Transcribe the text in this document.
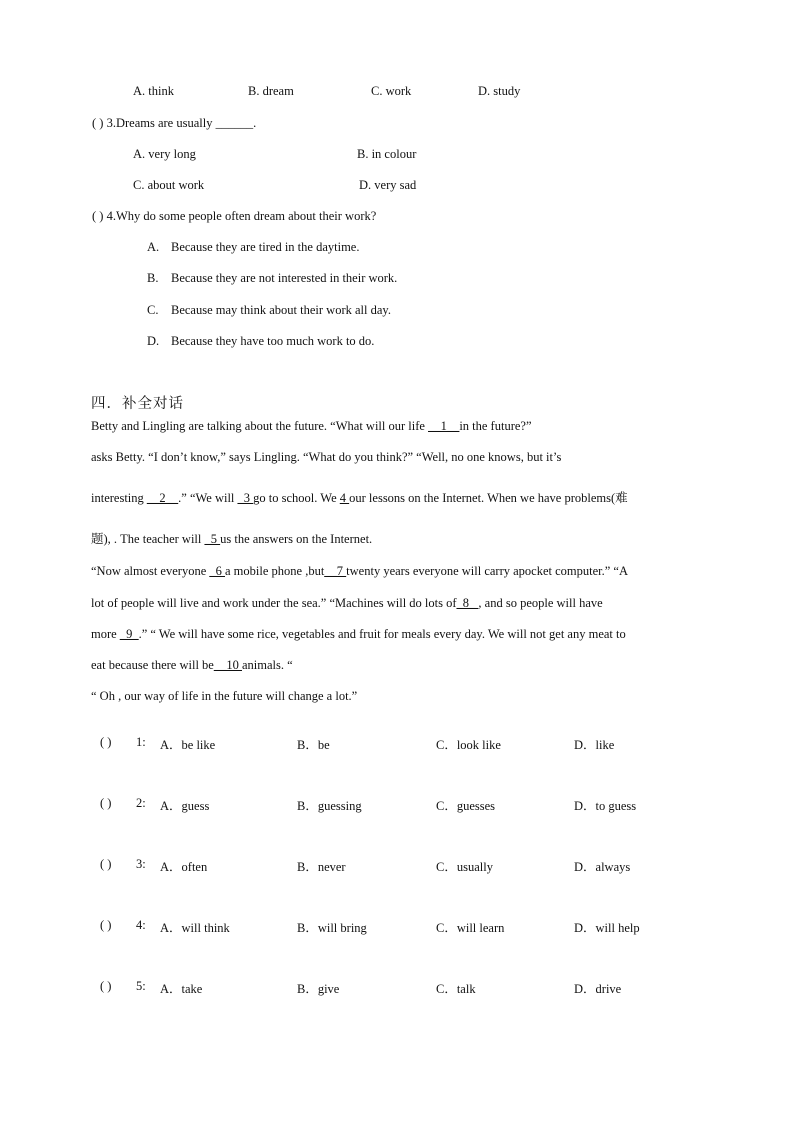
A. think	B. dream	C. work	D. study
( ) 3.Dreams are usually ______.
A. very long	B. in colour
C. about work	D. very sad
( ) 4.Why do some people often dream about their work?
A. Because they are tired in the daytime.
B. Because they are not interested in their work.
C. Because may think about their work all day.
D. Because they have too much work to do.
四．补全对话
Betty and Lingling are talking about the future. “What will our life __1__in the future?”
asks Betty. “I don’t know,” says Lingling. “What do you think?” “Well, no one knows, but it’s
interesting __2__.” “We will _3 go to school. We 4 our lessons on the Internet. When we have problems(难
题), . The teacher will _5 us the answers on the Internet.
“Now almost everyone _6 a mobile phone ,but__7 twenty years everyone will carry apocket computer.” “A
lot of people will live and work under the sea.” “Machines will do lots of_8_ , and so people will have
more _9_.” “ We will have some rice, vegetables and fruit for meals every day. We will not get any meat to
eat because there will be__10 animals. “
“ Oh , our way of life in the future will change a lot.”
( ) 1: A．be like	B．be	C．look like	D．like
( ) 2: A．guess	B．guessing	C．guesses	D．to guess
( ) 3: A．often	B．never	C．usually	D．always
( ) 4: A．will think	B．will bring	C．will learn	D．will help
( ) 5: A．take	B．give	C．talk	D．drive
